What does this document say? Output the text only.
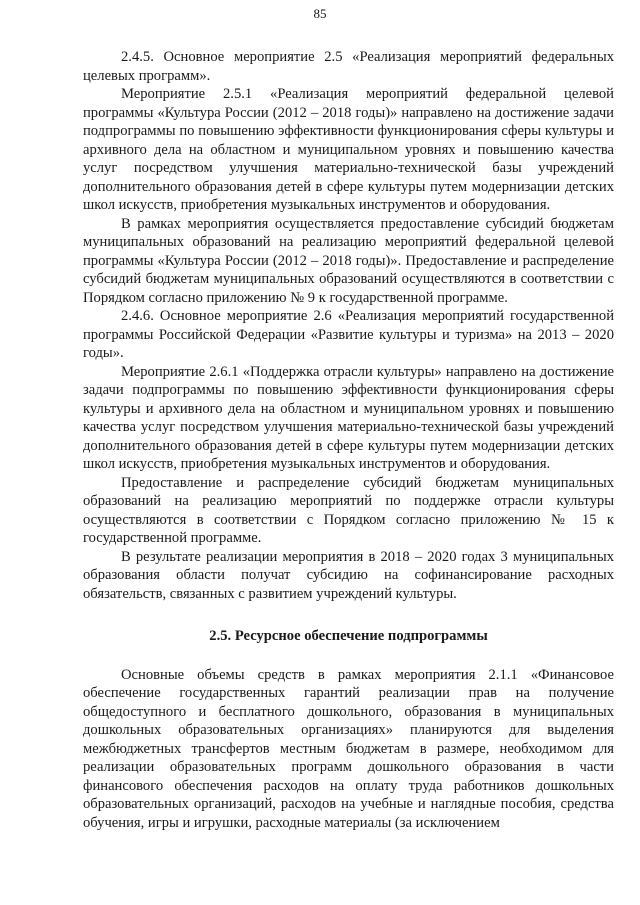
85

2.4.5. Основное мероприятие 2.5 «Реализация мероприятий федеральных целевых программ».

Мероприятие 2.5.1 «Реализация мероприятий федеральной целевой программы «Культура России (2012 – 2018 годы)» направлено на достижение задачи подпрограммы по повышению эффективности функционирования сферы культуры и архивного дела на областном и муниципальном уровнях и повышению качества услуг посредством улучшения материально-технической базы учреждений дополнительного образования детей в сфере культуры путем модернизации детских школ искусств, приобретения музыкальных инструментов и оборудования.

В рамках мероприятия осуществляется предоставление субсидий бюджетам муниципальных образований на реализацию мероприятий федеральной целевой программы «Культура России (2012 – 2018 годы)». Предоставление и распределение субсидий бюджетам муниципальных образований осуществляются в соответствии с Порядком согласно приложению № 9 к государственной программе.

2.4.6. Основное мероприятие 2.6 «Реализация мероприятий государственной программы Российской Федерации «Развитие культуры и туризма» на 2013 – 2020 годы».

Мероприятие 2.6.1 «Поддержка отрасли культуры» направлено на достижение задачи подпрограммы по повышению эффективности функционирования сферы культуры и архивного дела на областном и муниципальном уровнях и повышению качества услуг посредством улучшения материально-технической базы учреждений дополнительного образования детей в сфере культуры путем модернизации детских школ искусств, приобретения музыкальных инструментов и оборудования.

Предоставление и распределение субсидий бюджетам муниципальных образований на реализацию мероприятий по поддержке отрасли культуры осуществляются в соответствии с Порядком согласно приложению № 15 к государственной программе.

В результате реализации мероприятия в 2018 – 2020 годах 3 муниципальных образования области получат субсидию на софинансирование расходных обязательств, связанных с развитием учреждений культуры.

2.5. Ресурсное обеспечение подпрограммы

Основные объемы средств в рамках мероприятия 2.1.1 «Финансовое обеспечение государственных гарантий реализации прав на получение общедоступного и бесплатного дошкольного, образования в муниципальных дошкольных образовательных организациях» планируются для выделения межбюджетных трансфертов местным бюджетам в размере, необходимом для реализации образовательных программ дошкольного образования в части финансового обеспечения расходов на оплату труда работников дошкольных образовательных организаций, расходов на учебные и наглядные пособия, средства обучения, игры и игрушки, расходные материалы (за исключением
